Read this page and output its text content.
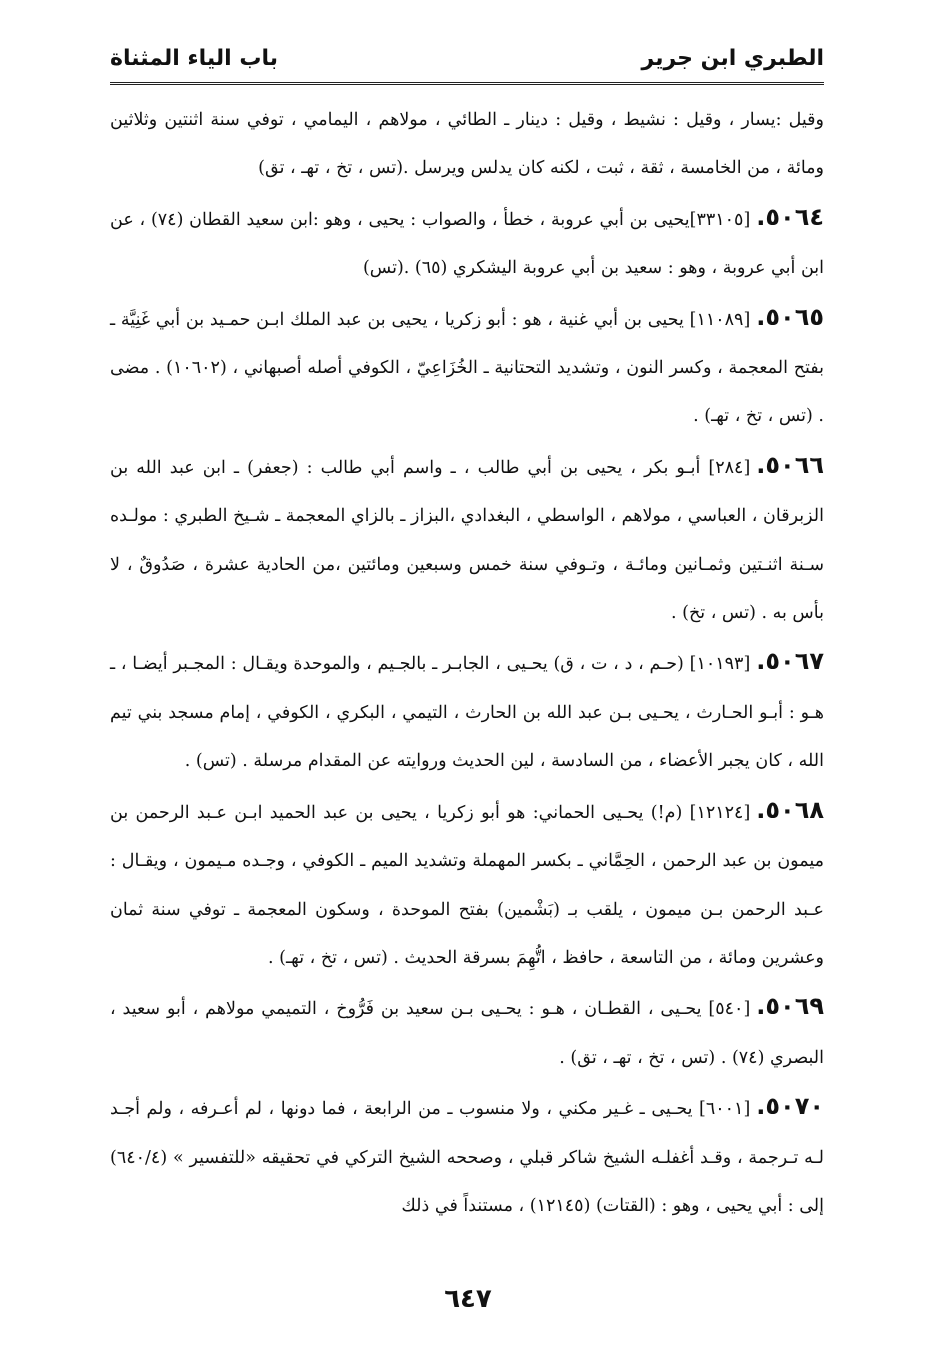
الطبري ابن جرير
باب الياء المثناة

وقيل :يسار ، وقيل : نشيط ، وقيل : دينار ـ الطائي ، مولاهم ، اليمامي ، توفي سنة اثنتين وثلاثين ومائة ، من الخامسة ، ثقة ، ثبت ، لكنه كان يدلس ويرسل .(تس ، تخ ، تهـ ، تق)

٥٠٦٤.[٣٣١٠٥]يحيى بن أبي عروبة ، خطأ ، والصواب : يحيى ، وهو :ابن سعيد القطان (٧٤) ، عن ابن أبي عروبة ، وهو : سعيد بن أبي عروبة اليشكري (٦٥) .(تس)

٥٠٦٥.[١١٠٨٩] يحيى بن أبي غنية ، هو : أبو زكريا ، يحيى بن عبد الملك ابـن حمـيد بن أبي غَنِيَّة ـ بفتح المعجمة ، وكسر النون ، وتشديد التحتانية ـ الخُزَاعِيّ ، الكوفي أصله أصبهاني ، (١٠٦٠٢) . مضى . (تس ، تخ ، تهـ) .

٥٠٦٦.[٢٨٤] أبـو بكر ، يحيى بن أبي طالب ، ـ واسم أبي طالب : (جعفر) ـ ابن عبد الله بن الزبرقان ، العباسي ، مولاهم ، الواسطي ، البغدادي ،البزاز ـ بالزاي المعجمة ـ شـيخ الطبري : مولـده سـنة اثنـتين وثمـانين ومائـة ، وتـوفي سنة خمس وسبعين ومائتين ،من الحادية عشرة ، صَدُوقٌ ، لا بأس به . (تس ، تخ) .

٥٠٦٧.[١٠١٩٣] (حـم ، د ، ت ، ق) يحـيى ، الجابـر ـ بالجـيم ، والموحدة ويقـال : المجـبر أيضـا ، ـ هـو : أبـو الحـارث ، يحـيى بـن عبد الله بن الحارث ، التيمي ، البكري ، الكوفي ، إمام مسجد بني تيم الله ، كان يجبر الأعضاء ، من السادسة ، لين الحديث وروايته عن المقدام مرسلة . (تس) .

٥٠٦٨.[١٢١٢٤] (م!) يحـيى الحماني: هو أبو زكريا ، يحيى بن عبد الحميد ابـن عـبد الرحمن بن ميمون بن عبد الرحمن ، الحِمَّاني ـ بكسر المهملة وتشديد الميم ـ الكوفي ، وجـده مـيمون ، ويقـال : عـبد الرحمن بـن ميمون ، يلقب بـ (بَشْمين) بفتح الموحدة ، وسكون المعجمة ـ توفي سنة ثمان وعشرين ومائة ، من التاسعة ، حافظ ، اتُّهِمَ بسرقة الحديث . (تس ، تخ ، تهـ) .

٥٠٦٩.[٥٤٠] يحـيى ، القطـان ، هـو : يحـيى بـن سعيد بن فَرُّوخ ، التميمي مولاهم ، أبو سعيد ، البصري (٧٤) . (تس ، تخ ، تهـ ، تق) .

٥٠٧٠.[٦٠٠١] يحـيى ـ غـير مكني ، ولا منسوب ـ من الرابعة ، فما دونها ، لم أعـرفه ، ولم أجـد لـه تـرجمة ، وقـد أغفلـه الشيخ شاكر قبلي ، وصححه الشيخ التركي في تحقيقه «للتفسير » (٦٤٠/٤) إلى : أبي يحيى ، وهو : (القتات) (١٢١٤٥) ، مستنداً في ذلك

٦٤٧
